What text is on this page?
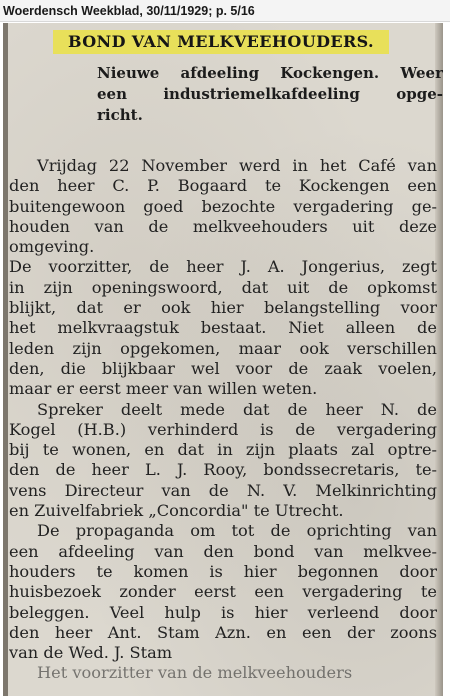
Woerdensch Weekblad, 30/11/1929; p. 5/16
BOND VAN MELKVEEHOUDERS.
Nieuwe afdeeling Kockengen. Weer
een industriemelkafdeeling opge-
richt.
Vrijdag 22 November werd in het Café van
den heer C. P. Bogaard te Kockengen een
buitengewoon goed bezochte vergadering ge-
houden van de melkveehouders uit deze
omgeving.
De voorzitter, de heer J. A. Jongerius, zegt
in zijn openingswoord, dat uit de opkomst
blijkt, dat er ook hier belangstelling voor
het melkvraagstuk bestaat. Niet alleen de
leden zijn opgekomen, maar ook verschillen
den, die blijkbaar wel voor de zaak voelen,
maar er eerst meer van willen weten.
Spreker deelt mede dat de heer N. de
Kogel (H.B.) verhinderd is de vergadering
bij te wonen, en dat in zijn plaats zal optre-
den de heer L. J. Rooy, bondssecretaris, te-
vens Directeur van de N. V. Melkinrichting
en Zuivelfabriek „Concordia" te Utrecht.
De propaganda om tot de oprichting van
een afdeeling van den bond van melkvee-
houders te komen is hier begonnen door
huisbezoek zonder eerst een vergadering te
beleggen. Veel hulp is hier verleend door
den heer Ant. Stam Azn. en een der zoons
van de Wed. J. Stam
Het voorzitter van de melkveehouders
